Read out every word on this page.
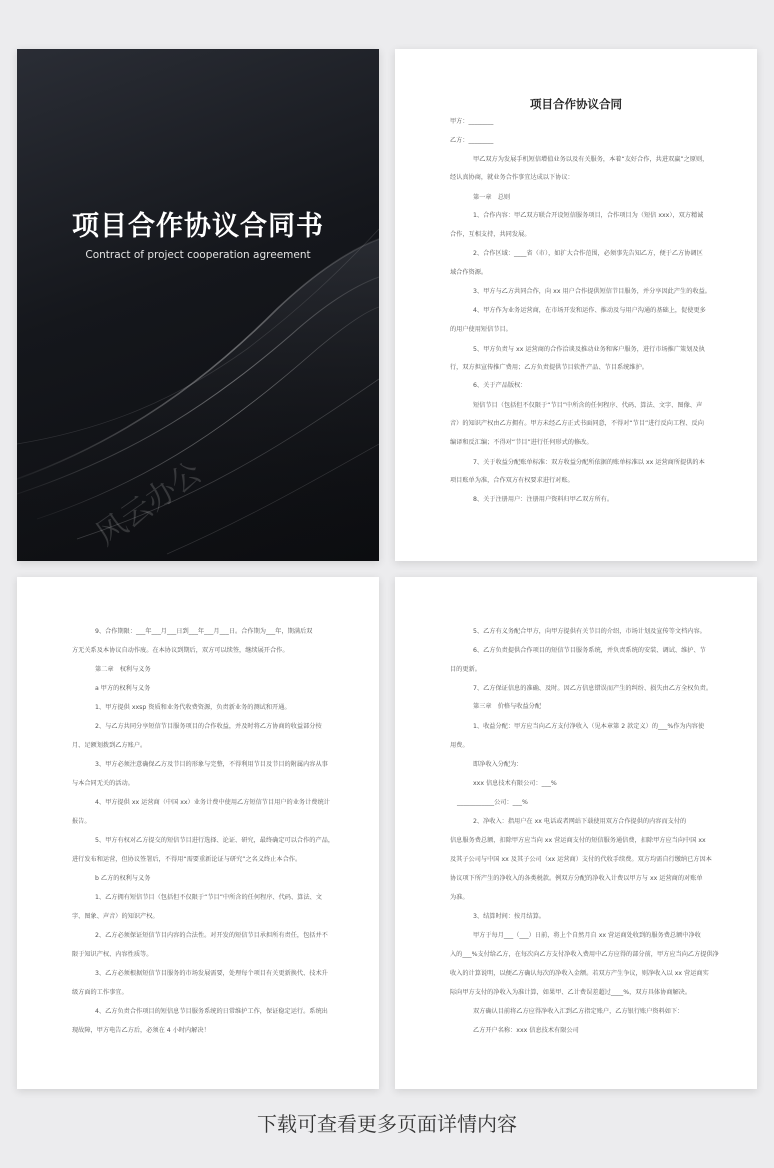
项目合作协议合同书
Contract of project cooperation agreement
风云办公
项目合作协议合同
甲方：________
乙方：________
甲乙双方为发展手机短信增值业务以及有关服务，本着“友好合作，共进双赢”之原则，
经认真协商，就业务合作事宜达成以下协议：
第一章　总则
1、合作内容：甲乙双方联合开设短信服务项目，合作项目为（短信 xxx），双方精诚
合作，互相支持，共同发展。
2、合作区域：____省（市），如扩大合作范围，必须事先告知乙方，便于乙方协调区
域合作资源。
3、甲方与乙方共同合作，向 xx 用户合作提供短信节目服务，并分享因此产生的收益。
4、甲方作为业务运营商，在市场开发和运作、推动及与用户沟通的基础上，促使更多
的用户使用短信节目。
5、甲方负责与 xx 运营商的合作洽谈及推动业务和客户服务，进行市场推广策划及执
行，双方担宣传推广费用；乙方负责提供节目软件产品、节目系统维护。
6、关于产品版权：
短信节目（包括但不仅限于“节目”中所含的任何程序、代码、算法、文字、图像、声
音）的知识产权由乙方拥有。甲方未经乙方正式书面同意，不得对“节目”进行反向工程、反向
编译和反汇编；不得对“节目”进行任何形式的修改。
7、关于收益分配账单标准：双方收益分配所依据的账单标准以 xx 运营商所提供的本
项目账单为准，合作双方有权要求进行对账。
8、关于注册用户：注册用户资料归甲乙双方所有。
9、合作期限：___年___月___日到___年___月___日。合作期为___年，期满后双
方无关系及本协议自动作废。在本协议到期后，双方可以续签，继续展开合作。
第二章　权利与义务
a 甲方的权利与义务
1、甲方提供 xxsp 资质和业务代收费资源，负责新业务的测试和开通。
2、与乙方共同分享短信节目服务项目的合作收益，并及时将乙方协商的收益部分按
月、足额划拨到乙方账户。
3、甲方必须注意确保乙方及节目的形象与完整，不得利用节目及节目的附属内容从事
与本合同无关的活动。
4、甲方提供 xx 运营商（中国 xx）业务计费中使用乙方短信节目用户的业务计费统计
报告。
5、甲方有权对乙方提交的短信节目进行选择、论证、研究，最终确定可以合作的产品，
进行发布和运营，但协议签署后，不得用“需要重新论证与研究”之名义终止本合作。
b 乙方的权利与义务
1、乙方拥有短信节目（包括但不仅限于“节目”中所含的任何程序、代码、算法、文
字、图象、声音）的知识产权。
2、乙方必须保证短信节目内容的合法性。对开发的短信节目承担所有责任，包括并不
限于知识产权、内容性质等。
3、乙方必须根据短信节目服务的市场发展需要，处理每个项目有关更新换代、技术升
级方面的工作事宜。
4、乙方负责合作项目的短信息节目服务系统的日常维护工作，保证稳定运行。系统出
现故障，甲方电告乙方后，必须在 4 小时内解决！
5、乙方有义务配合甲方，向甲方提供有关节目的介绍，市场计划及宣传等文档内容。
6、乙方负责提供合作项目的短信节目服务系统，并负责系统的安装、调试、维护、节
目的更新。
7、乙方保证信息的准确、及时。因乙方信息错误而产生的纠纷、损失由乙方全权负责。
第三章　价格与收益分配
1、收益分配：甲方应当向乙方支付净收入（见本章第 2 款定义）的___%作为内容使
用费。
即净收入分配为：
xxx 信息技术有限公司：___%
____________公司：___%
2、净收入：指用户在 xx 电话或者网站下载使用双方合作提供的内容而支付的
信息服务费总额，扣除甲方应当向 xx 营运商支付的短信服务通信费，扣除甲方应当向中国 xx
及其子公司与中国 xx 及其子公司（xx 运营商）支付的代收手续费。双方均需自行缴纳已方因本
协议项下所产生的净收入的各类税款。例双方分配的净收入计费以甲方与 xx 运营商的对账单
为准。
3、结算时间：按月结算。
甲方于每月___（___）日前，将上个自然月自 xx 营运商处收到的服务费总额中净收
入的___%支付给乙方，在每次向乙方支付净收入费用中乙方应得的部分前，甲方应当向乙方提供净
收入的计算说明，以便乙方确认每次的净收入金额。若双方产生争议，则净收入以 xx 营运商实
际向甲方支付的净收入为准计算，如果甲、乙计费误差超过____%，双方具体协商解决。
双方确认目前将乙方应得净收入汇到乙方指定账户，乙方银行账户资料如下：
乙方开户名称：xxx 信息技术有限公司
下载可查看更多页面详情内容
